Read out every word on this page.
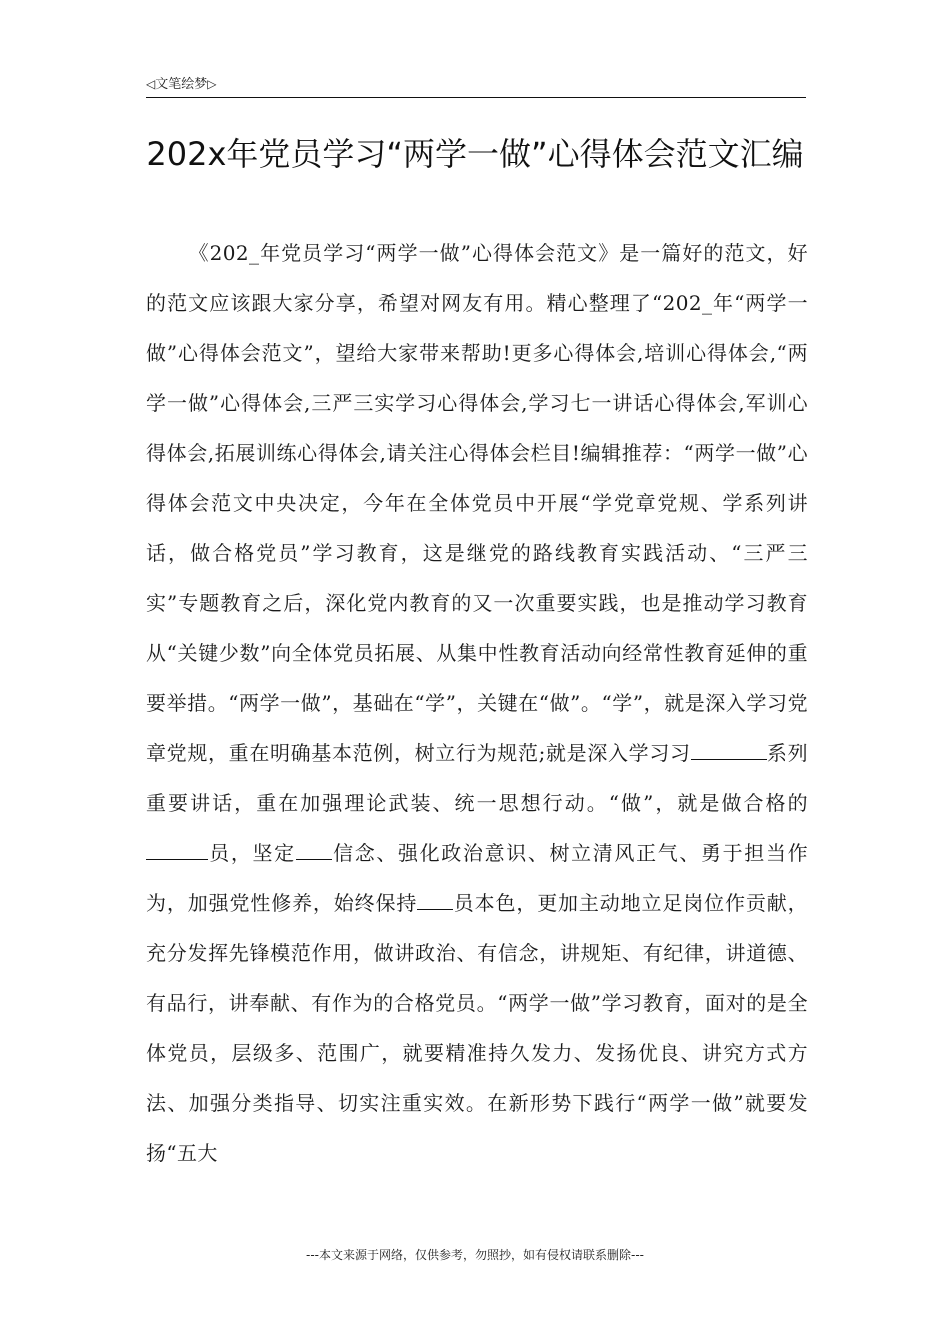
◁文笔绘梦▷
202x年党员学习“两学一做”心得体会范文汇编

《202_年党员学习“两学一做”心得体会范文》是一篇好的范文，好的范文应该跟大家分享，希望对网友有用。精心整理了“202_年“两学一做”心得体会范文”，望给大家带来帮助!更多心得体会,培训心得体会,“两学一做”心得体会,三严三实学习心得体会,学习七一讲话心得体会,军训心得体会,拓展训练心得体会,请关注心得体会栏目!编辑推荐：“两学一做”心得体会范文中央决定，今年在全体党员中开展“学党章党规、学系列讲话，做合格党员”学习教育，这是继党的路线教育实践活动、“三严三实”专题教育之后，深化党内教育的又一次重要实践，也是推动学习教育从“关键少数”向全体党员拓展、从集中性教育活动向经常性教育延伸的重要举措。“两学一做”，基础在“学”，关键在“做”。“学”，就是深入学习党章党规，重在明确基本范例，树立行为规范;就是深入学习习	系列重要讲话，重在加强理论武装、统一思想行动。“做”，就是做合格的员，坚定 信念、强化政治意识、树立清风正气、勇于担当作为，加强党性修养，始终保持 员本色，更加主动地立足岗位作贡献，充分发挥先锋模范作用，做讲政治、有信念，讲规矩、有纪律，讲道德、有品行，讲奉献、有作为的合格党员。“两学一做”学习教育，面对的是全体党员，层级多、范围广，就要精准持久发力、发扬优良、讲究方式方法、加强分类指导、切实注重实效。在新形势下践行“两学一做”就要发扬“五大

---本文来源于网络，仅供参考，勿照抄，如有侵权请联系删除---
